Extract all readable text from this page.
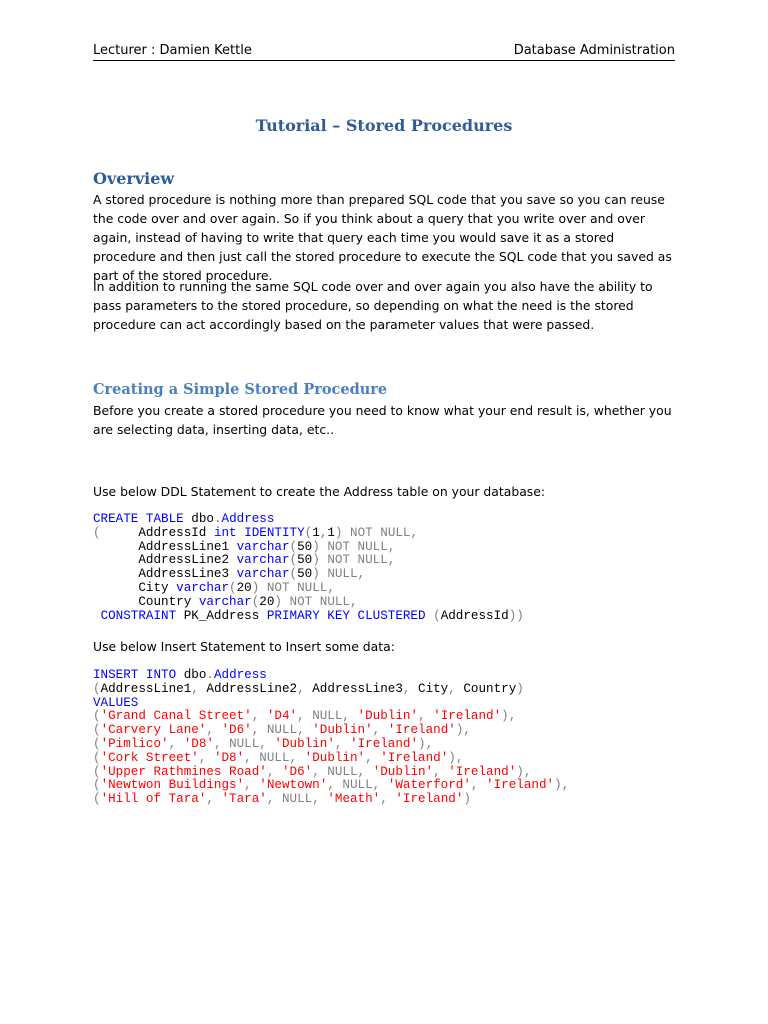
Lecturer : Damien Kettle	Database Administration
Tutorial – Stored Procedures
Overview

A stored procedure is nothing more than prepared SQL code that you save so you can reuse the code over and over again. So if you think about a query that you write over and over again, instead of having to write that query each time you would save it as a stored procedure and then just call the stored procedure to execute the SQL code that you saved as part of the stored procedure.

In addition to running the same SQL code over and over again you also have the ability to pass parameters to the stored procedure, so depending on what the need is the stored procedure can act accordingly based on the parameter values that were passed.

Creating a Simple Stored Procedure

Before you create a stored procedure you need to know what your end result is, whether you are selecting data, inserting data, etc..

Use below DDL Statement to create the Address table on your database:

CREATE TABLE dbo.Address
(     AddressId int IDENTITY(1,1) NOT NULL,
AddressLine1 varchar(50) NOT NULL,
AddressLine2 varchar(50) NOT NULL,
AddressLine3 varchar(50) NULL,
City varchar(20) NOT NULL,
Country varchar(20) NOT NULL,
CONSTRAINT PK_Address PRIMARY KEY CLUSTERED (AddressId))

Use below Insert Statement to Insert some data:

INSERT INTO dbo.Address
(AddressLine1, AddressLine2, AddressLine3, City, Country)
VALUES
('Grand Canal Street', 'D4', NULL, 'Dublin', 'Ireland'),
('Carvery Lane', 'D6', NULL, 'Dublin', 'Ireland'),
('Pimlico', 'D8', NULL, 'Dublin', 'Ireland'),
('Cork Street', 'D8', NULL, 'Dublin', 'Ireland'),
('Upper Rathmines Road', 'D6', NULL, 'Dublin', 'Ireland'),
('Newtwon Buildings', 'Newtown', NULL, 'Waterford', 'Ireland'),
('Hill of Tara', 'Tara', NULL, 'Meath', 'Ireland')
